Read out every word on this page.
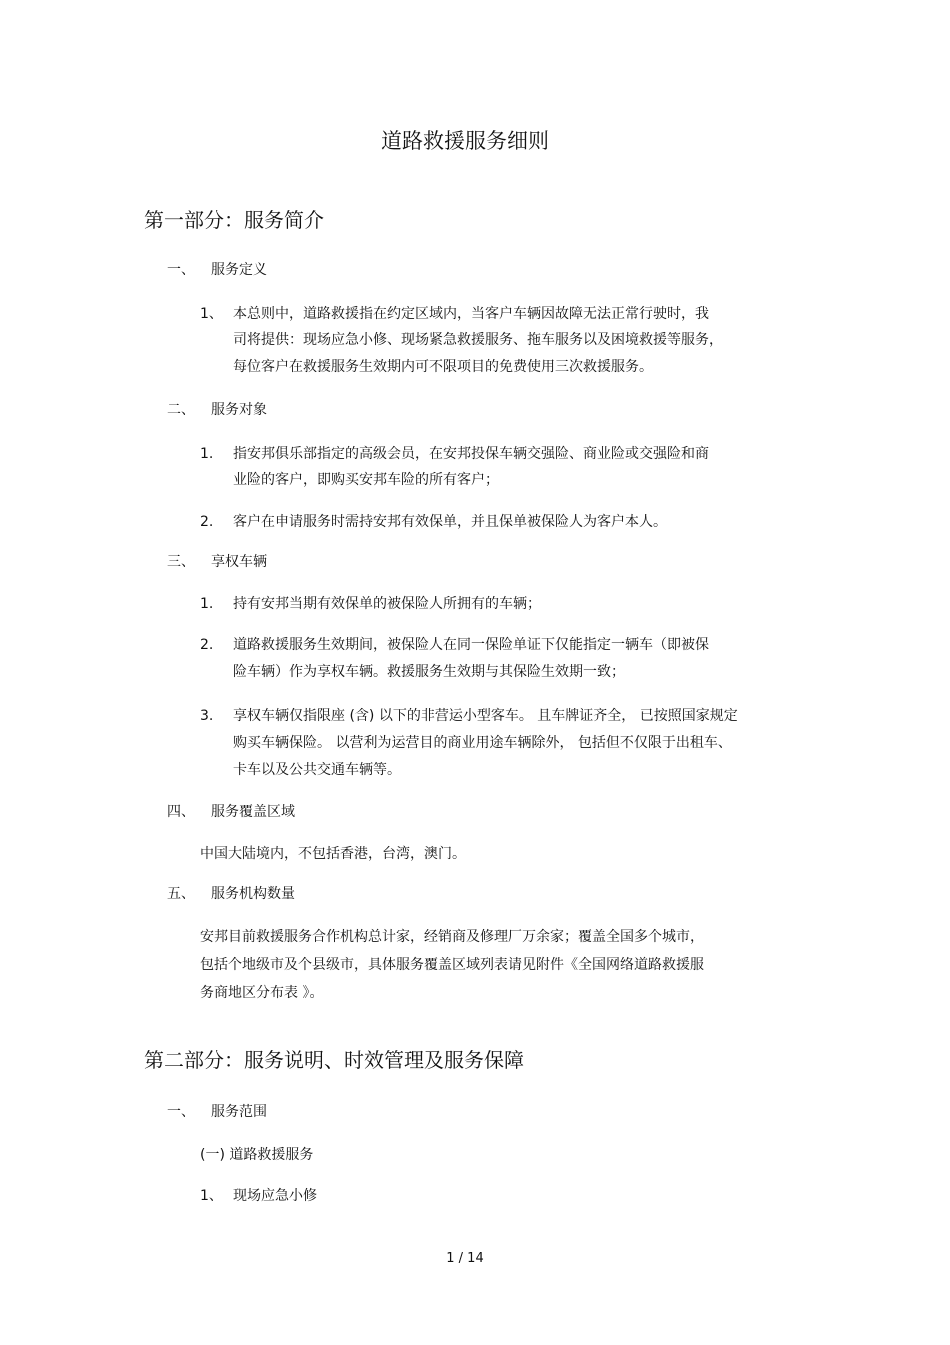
道路救援服务细则
第一部分：服务简介
一、 服务定义
1、 本总则中，道路救援指在约定区域内，当客户车辆因故障无法正常行驶时，我
司将提供：现场应急小修、现场紧急救援服务、拖车服务以及困境救援等服务，
每位客户在救援服务生效期内可不限项目的免费使用三次救援服务。
二、 服务对象
1. 指安邦俱乐部指定的高级会员，在安邦投保车辆交强险、商业险或交强险和商
业险的客户，即购买安邦车险的所有客户；
2. 客户在申请服务时需持安邦有效保单，并且保单被保险人为客户本人。
三、 享权车辆
1. 持有安邦当期有效保单的被保险人所拥有的车辆；
2. 道路救援服务生效期间，被保险人在同一保险单证下仅能指定一辆车（即被保
险车辆）作为享权车辆。救援服务生效期与其保险生效期一致；
3. 享权车辆仅指限座 (含) 以下的非营运小型客车。 且车牌证齐全， 已按照国家规定
购买车辆保险。 以营利为运营目的商业用途车辆除外， 包括但不仅限于出租车、
卡车以及公共交通车辆等。
四、 服务覆盖区域
中国大陆境内，不包括香港，台湾，澳门。
五、 服务机构数量
安邦目前救援服务合作机构总计家，经销商及修理厂万余家；覆盖全国多个城市，
包括个地级市及个县级市，具体服务覆盖区域列表请见附件《全国网络道路救援服
务商地区分布表 》。
第二部分：服务说明、时效管理及服务保障
一、 服务范围
(一) 道路救援服务
1、 现场应急小修
1 / 14
